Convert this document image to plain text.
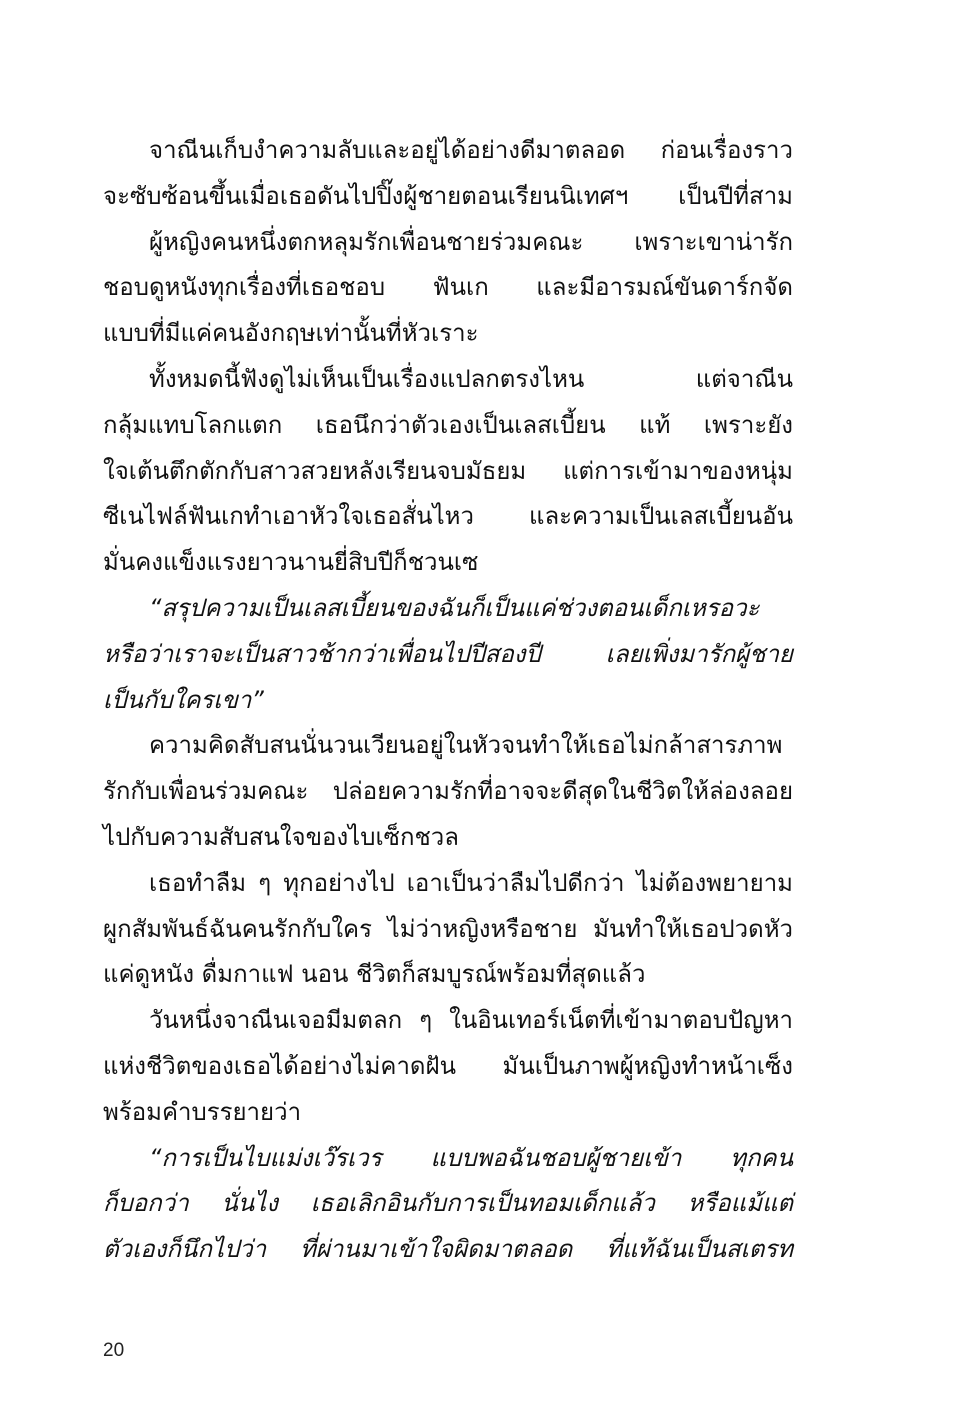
จาณีนเก็บงำความลับและอยู่ได้อย่างดีมาตลอด ก่อนเรื่องราว
จะซับซ้อนขึ้นเมื่อเธอดันไปปิ๊งผู้ชายตอนเรียนนิเทศฯ เป็นปีที่สาม
ผู้หญิงคนหนึ่งตกหลุมรักเพื่อนชายร่วมคณะ เพราะเขาน่ารัก
ชอบดูหนังทุกเรื่องที่เธอชอบ ฟันเก และมีอารมณ์ขันดาร์กจัด
แบบที่มีแค่คนอังกฤษเท่านั้นที่หัวเราะ
ทั้งหมดนี้ฟังดูไม่เห็นเป็นเรื่องแปลกตรงไหน แต่จาณีน
กลุ้มแทบโลกแตก เธอนึกว่าตัวเองเป็นเลสเบี้ยน แท้ เพราะยัง
ใจเต้นตึกตักกับสาวสวยหลังเรียนจบมัธยม แต่การเข้ามาของหนุ่ม
ซีเนไฟล์ฟันเกทำเอาหัวใจเธอสั่นไหว และความเป็นเลสเบี้ยนอัน
มั่นคงแข็งแรงยาวนานยี่สิบปีก็ชวนเซ
“สรุปความเป็นเลสเบี้ยนของฉันก็เป็นแค่ช่วงตอนเด็กเหรอวะ
หรือว่าเราจะเป็นสาวช้ากว่าเพื่อนไปปีสองปี เลยเพิ่งมารักผู้ชาย
เป็นกับใครเขา”
ความคิดสับสนนั่นวนเวียนอยู่ในหัวจนทำให้เธอไม่กล้าสารภาพ
รักกับเพื่อนร่วมคณะ ปล่อยความรักที่อาจจะดีสุดในชีวิตให้ล่องลอย
ไปกับความสับสนใจของไบเซ็กชวล
เธอทำลืม ๆ ทุกอย่างไป เอาเป็นว่าลืมไปดีกว่า ไม่ต้องพยายาม
ผูกสัมพันธ์ฉันคนรักกับใคร ไม่ว่าหญิงหรือชาย มันทำให้เธอปวดหัว
แค่ดูหนัง ดื่มกาแฟ นอน ชีวิตก็สมบูรณ์พร้อมที่สุดแล้ว
วันหนึ่งจาณีนเจอมีมตลก ๆ ในอินเทอร์เน็ตที่เข้ามาตอบปัญหา
แห่งชีวิตของเธอได้อย่างไม่คาดฝัน มันเป็นภาพผู้หญิงทำหน้าเซ็ง
พร้อมคำบรรยายว่า
“การเป็นไบแม่งเว๊รเวร แบบพอฉันชอบผู้ชายเข้า ทุกคน
ก็บอกว่า นั่นไง เธอเลิกอินกับการเป็นทอมเด็กแล้ว หรือแม้แต่
ตัวเองก็นึกไปว่า ที่ผ่านมาเข้าใจผิดมาตลอด ที่แท้ฉันเป็นสเตรท
20
